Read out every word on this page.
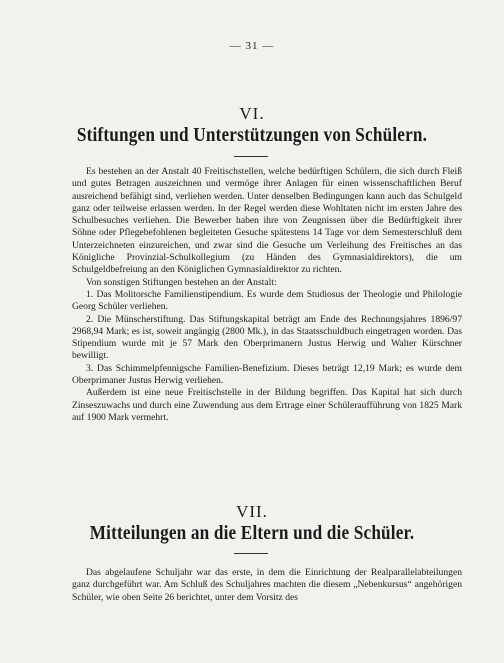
— 31 —
VI.
Stiftungen und Unterstützungen von Schülern.

Es bestehen an der Anstalt 40 Freitischstellen, welche bedürftigen Schülern, die sich durch Fleiß und gutes Betragen auszeichnen und vermöge ihrer Anlagen für einen wissenschaftlichen Beruf ausreichend befähigt sind, verliehen werden. Unter denselben Bedingungen kann auch das Schulgeld ganz oder teilweise erlassen werden. In der Regel werden diese Wohltaten nicht im ersten Jahre des Schulbesuches verliehen. Die Bewerber haben ihre von Zeugnissen über die Bedürftigkeit ihrer Söhne oder Pflegebefohlenen begleiteten Gesuche spätestens 14 Tage vor dem Semesterschluß dem Unterzeichneten einzureichen, und zwar sind die Gesuche um Verleihung des Freitisches an das Königliche Provinzial-Schulkollegium (zu Händen des Gymnasialdirektors), die um Schulgeldbefreiung an den Königlichen Gymnasialdirektor zu richten.

Von sonstigen Stiftungen bestehen an der Anstalt:

1. Das Molitorsche Familienstipendium. Es wurde dem Studiosus der Theologie und Philologie Georg Schüler verliehen.

2. Die Münscherstiftung. Das Stiftungskapital beträgt am Ende des Rechnungsjahres 1896/97 2968,94 Mark; es ist, soweit angängig (2800 Mk.), in das Staatsschuldbuch eingetragen worden. Das Stipendium wurde mit je 57 Mark den Oberprimanern Justus Herwig und Walter Kürschner bewilligt.

3. Das Schimmelpfennigsche Familien-Benefizium. Dieses beträgt 12,19 Mark; es wurde dem Oberprimaner Justus Herwig verliehen.

Außerdem ist eine neue Freitischstelle in der Bildung begriffen. Das Kapital hat sich durch Zinseszuwachs und durch eine Zuwendung aus dem Ertrage einer Schüleraufführung von 1825 Mark auf 1900 Mark vermehrt.

VII.
Mitteilungen an die Eltern und die Schüler.

Das abgelaufene Schuljahr war das erste, in dem die Einrichtung der Realparallelabteilungen ganz durchgeführt war. Am Schluß des Schuljahres machten die diesem „Nebenkursus“ angehörigen Schüler, wie oben Seite 26 berichtet, unter dem Vorsitz des
